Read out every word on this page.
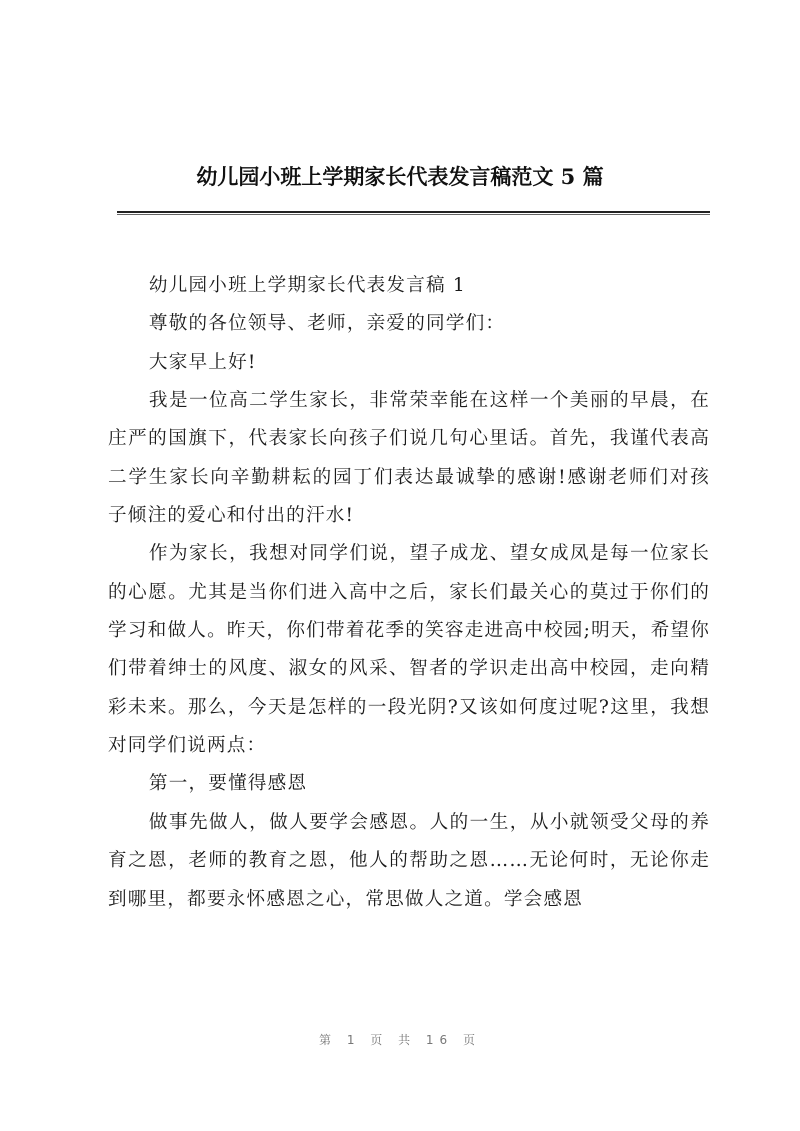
幼儿园小班上学期家长代表发言稿范文 5 篇

幼儿园小班上学期家长代表发言稿 1

尊敬的各位领导、老师，亲爱的同学们：

大家早上好!

我是一位高二学生家长，非常荣幸能在这样一个美丽的早晨，在庄严的国旗下，代表家长向孩子们说几句心里话。首先，我谨代表高二学生家长向辛勤耕耘的园丁们表达最诚挚的感谢!感谢老师们对孩子倾注的爱心和付出的汗水!

作为家长，我想对同学们说，望子成龙、望女成凤是每一位家长的心愿。尤其是当你们进入高中之后，家长们最关心的莫过于你们的学习和做人。昨天，你们带着花季的笑容走进高中校园;明天，希望你们带着绅士的风度、淑女的风采、智者的学识走出高中校园，走向精彩未来。那么，今天是怎样的一段光阴?又该如何度过呢?这里，我想对同学们说两点：

第一，要懂得感恩

做事先做人，做人要学会感恩。人的一生，从小就领受父母的养育之恩，老师的教育之恩，他人的帮助之恩……无论何时，无论你走到哪里，都要永怀感恩之心，常思做人之道。学会感恩

第 1 页 共 16 页
